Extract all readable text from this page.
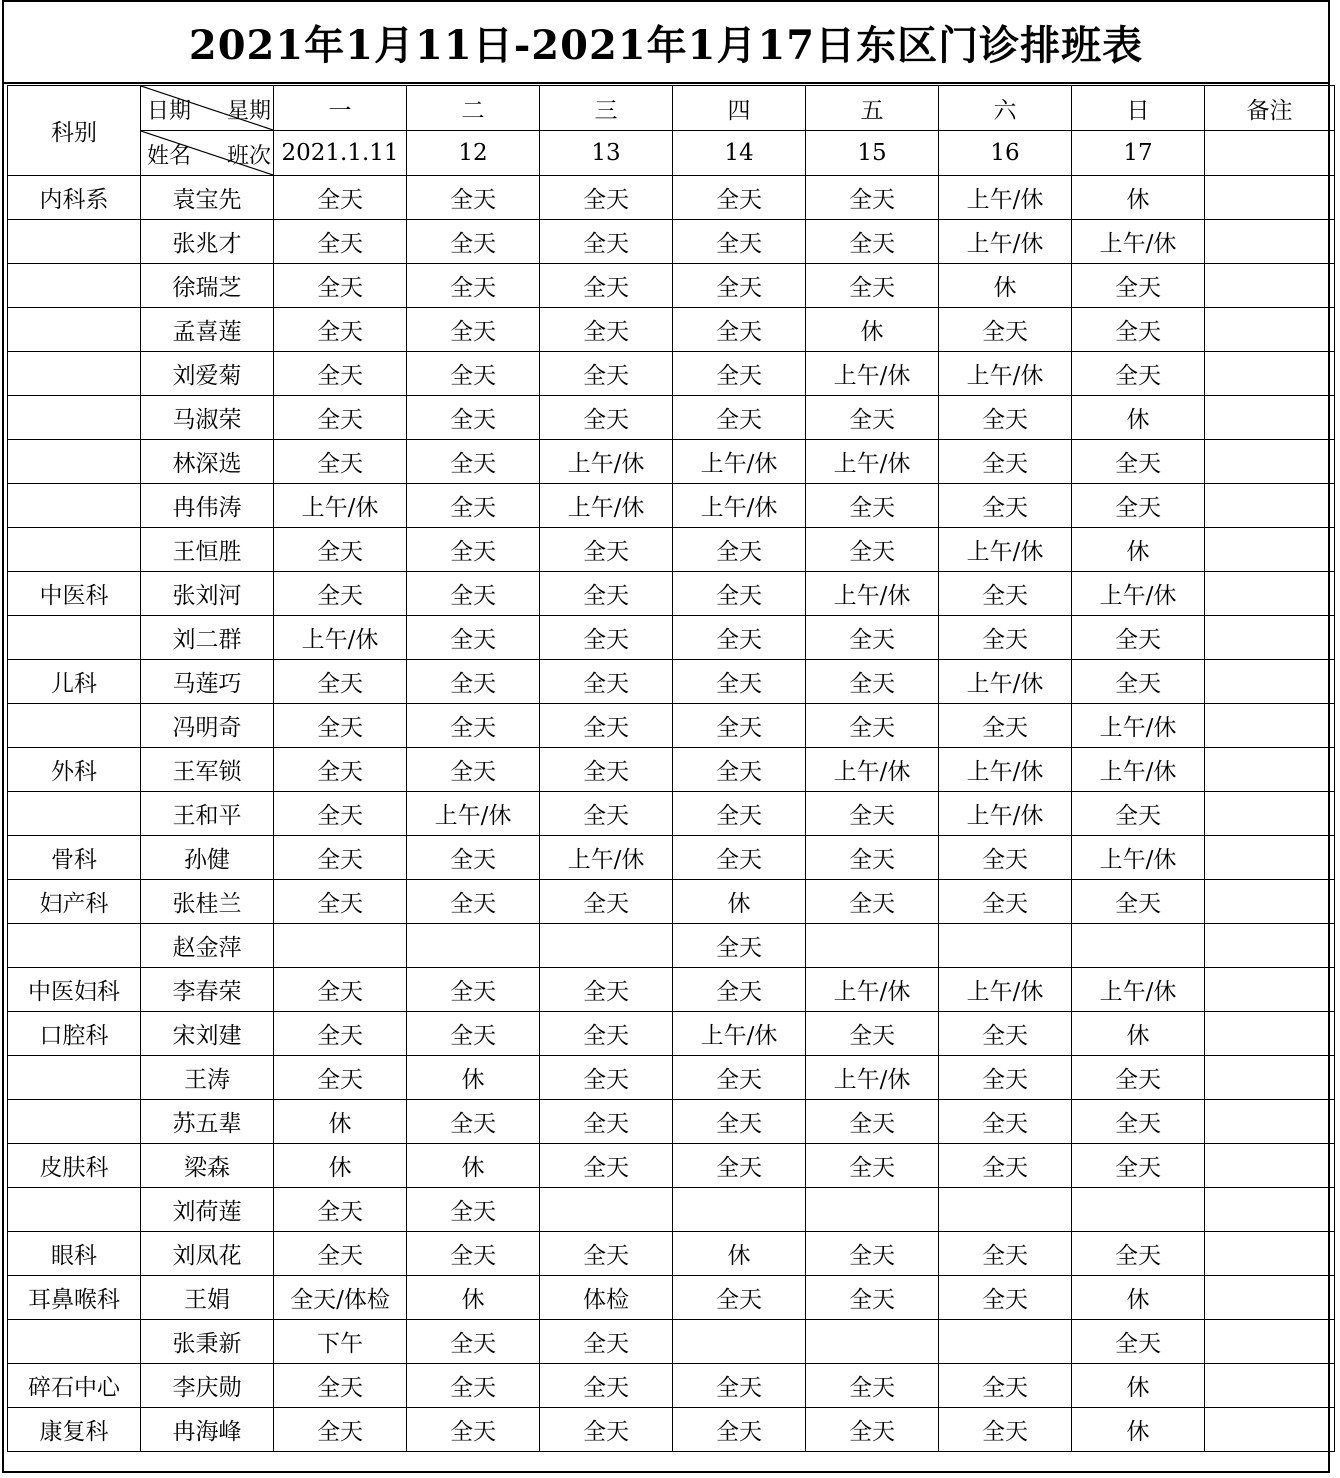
2021年1月11日-2021年1月17日东区门诊排班表
科别	日期 星期	一	二	三	四	五	六	日	备注

	姓名 班次	2021.1.11	12	13	14	15	16	17	
内科系	袁宝先	全天	全天	全天	全天	全天	上午/休	休	
	张兆才	全天	全天	全天	全天	全天	上午/休	上午/休	
	徐瑞芝	全天	全天	全天	全天	全天	休	全天	
	孟喜莲	全天	全天	全天	全天	休	全天	全天	
	刘爱菊	全天	全天	全天	全天	上午/休	上午/休	全天	
	马淑荣	全天	全天	全天	全天	全天	全天	休	
	林深选	全天	全天	上午/休	上午/休	上午/休	全天	全天	
	冉伟涛	上午/休	全天	上午/休	上午/休	全天	全天	全天	
	王恒胜	全天	全天	全天	全天	全天	上午/休	休	
中医科	张刘河	全天	全天	全天	全天	上午/休	全天	上午/休	
	刘二群	上午/休	全天	全天	全天	全天	全天	全天	
儿科	马莲巧	全天	全天	全天	全天	全天	上午/休	全天	
	冯明奇	全天	全天	全天	全天	全天	全天	上午/休	
外科	王军锁	全天	全天	全天	全天	上午/休	上午/休	上午/休	
	王和平	全天	上午/休	全天	全天	全天	上午/休	全天	
骨科	孙健	全天	全天	上午/休	全天	全天	全天	上午/休	
妇产科	张桂兰	全天	全天	全天	休	全天	全天	全天	
	赵金萍				全天				
中医妇科	李春荣	全天	全天	全天	全天	上午/休	上午/休	上午/休	
口腔科	宋刘建	全天	全天	全天	上午/休	全天	全天	休	
	王涛	全天	休	全天	全天	上午/休	全天	全天	
	苏五辈	休	全天	全天	全天	全天	全天	全天	
皮肤科	梁森	休	休	全天	全天	全天	全天	全天	
	刘荷莲	全天	全天						
眼科	刘凤花	全天	全天	全天	休	全天	全天	全天	
耳鼻喉科	王娟	全天/体检	休	体检	全天	全天	全天	休	
	张秉新	下午	全天	全天				全天	
碎石中心	李庆勋	全天	全天	全天	全天	全天	全天	休	
康复科	冉海峰	全天	全天	全天	全天	全天	全天	休	
